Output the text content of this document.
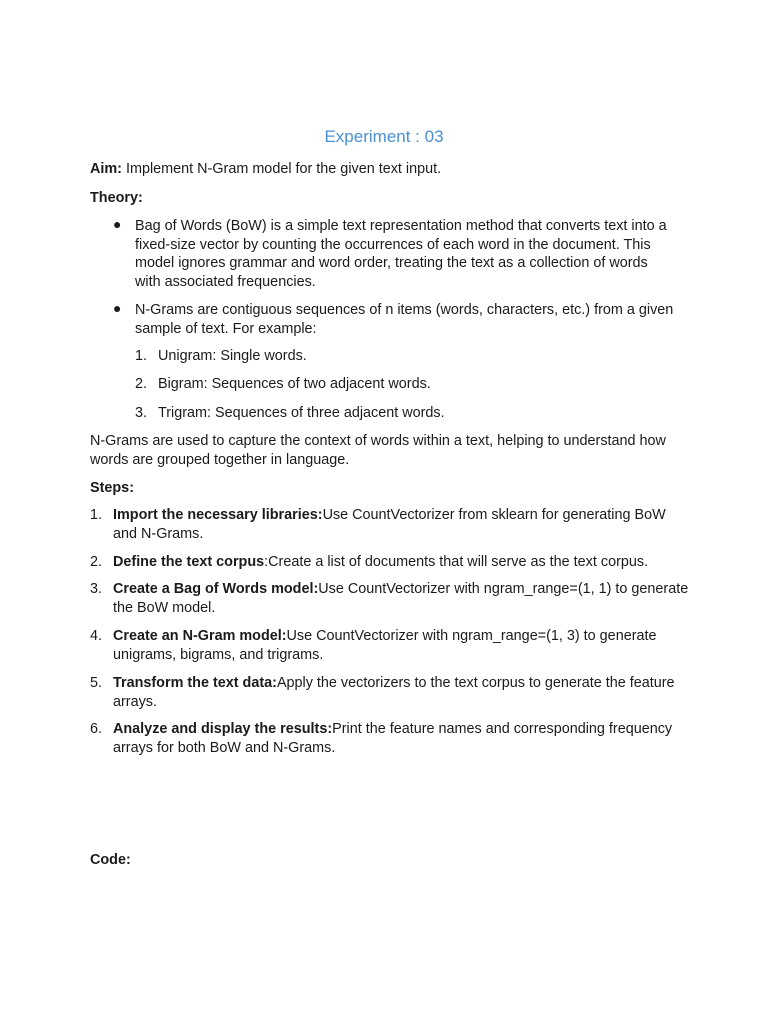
Experiment : 03
Aim: Implement N-Gram model for the given text input.
Theory:
● Bag of Words (BoW) is a simple text representation method that converts text into a fixed-size vector by counting the occurrences of each word in the document. This model ignores grammar and word order, treating the text as a collection of words with associated frequencies.
● N-Grams are contiguous sequences of n items (words, characters, etc.) from a given sample of text. For example:
1. Unigram: Single words.
2. Bigram: Sequences of two adjacent words.
3. Trigram: Sequences of three adjacent words.
N-Grams are used to capture the context of words within a text, helping to understand how words are grouped together in language.
Steps:
1. Import the necessary libraries:Use CountVectorizer from sklearn for generating BoW and N-Grams.
2. Define the text corpus:Create a list of documents that will serve as the text corpus.
3. Create a Bag of Words model:Use CountVectorizer with ngram_range=(1, 1) to generate the BoW model.
4. Create an N-Gram model:Use CountVectorizer with ngram_range=(1, 3) to generate unigrams, bigrams, and trigrams.
5. Transform the text data:Apply the vectorizers to the text corpus to generate the feature arrays.
6. Analyze and display the results:Print the feature names and corresponding frequency arrays for both BoW and N-Grams.
Code:
